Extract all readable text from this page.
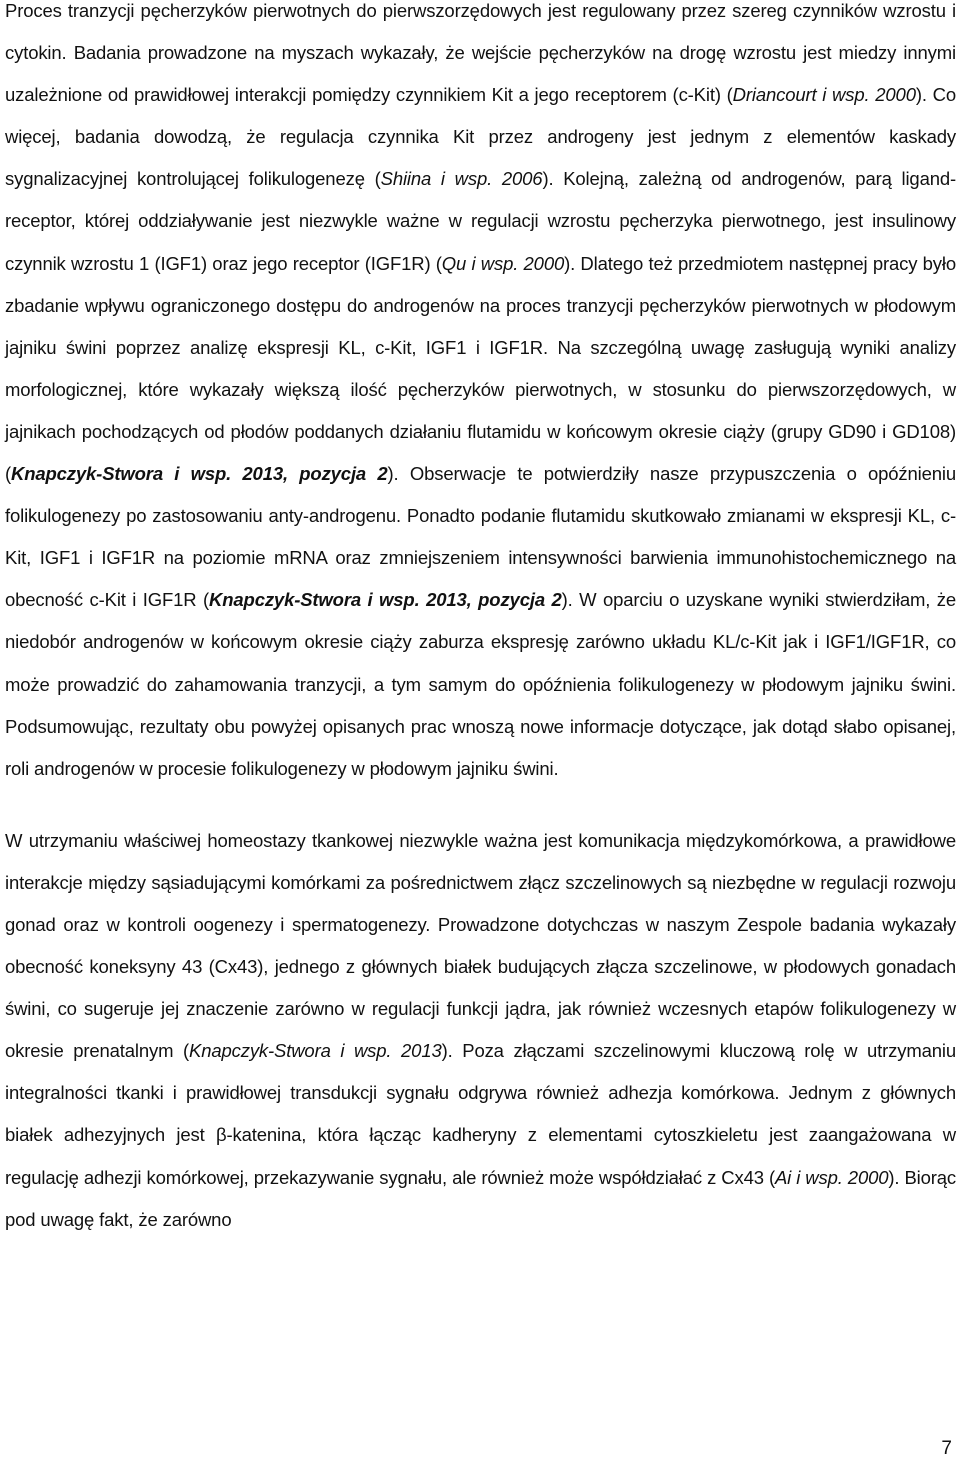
Proces tranzycji pęcherzyków pierwotnych do pierwszorzędowych jest regulowany przez szereg czynników wzrostu i cytokin. Badania prowadzone na myszach wykazały, że wejście pęcherzyków na drogę wzrostu jest miedzy innymi uzależnione od prawidłowej interakcji pomiędzy czynnikiem Kit a jego receptorem (c-Kit) (Driancourt i wsp. 2000). Co więcej, badania dowodzą, że regulacja czynnika Kit przez androgeny jest jednym z elementów kaskady sygnalizacyjnej kontrolującej folikulogenezę (Shiina i wsp. 2006). Kolejną, zależną od androgenów, parą ligand-receptor, której oddziaływanie jest niezwykle ważne w regulacji wzrostu pęcherzyka pierwotnego, jest insulinowy czynnik wzrostu 1 (IGF1) oraz jego receptor (IGF1R) (Qu i wsp. 2000). Dlatego też przedmiotem następnej pracy było zbadanie wpływu ograniczonego dostępu do androgenów na proces tranzycji pęcherzyków pierwotnych w płodowym jajniku świni poprzez analizę ekspresji KL, c-Kit, IGF1 i IGF1R. Na szczególną uwagę zasługują wyniki analizy morfologicznej, które wykazały większą ilość pęcherzyków pierwotnych, w stosunku do pierwszorzędowych, w jajnikach pochodzących od płodów poddanych działaniu flutamidu w końcowym okresie ciąży (grupy GD90 i GD108) (Knapczyk-Stwora i wsp. 2013, pozycja 2). Obserwacje te potwierdziły nasze przypuszczenia o opóźnieniu folikulogenezy po zastosowaniu anty-androgenu. Ponadto podanie flutamidu skutkowało zmianami w ekspresji KL, c-Kit, IGF1 i IGF1R na poziomie mRNA oraz zmniejszeniem intensywności barwienia immunohistochemicznego na obecność c-Kit i IGF1R (Knapczyk-Stwora i wsp. 2013, pozycja 2). W oparciu o uzyskane wyniki stwierdziłam, że niedobór androgenów w końcowym okresie ciąży zaburza ekspresję zarówno układu KL/c-Kit jak i IGF1/IGF1R, co może prowadzić do zahamowania tranzycji, a tym samym do opóźnienia folikulogenezy w płodowym jajniku świni. Podsumowując, rezultaty obu powyżej opisanych prac wnoszą nowe informacje dotyczące, jak dotąd słabo opisanej, roli androgenów w procesie folikulogenezy w płodowym jajniku świni.

W utrzymaniu właściwej homeostazy tkankowej niezwykle ważna jest komunikacja międzykomórkowa, a prawidłowe interakcje między sąsiadującymi komórkami za pośrednictwem złącz szczelinowych są niezbędne w regulacji rozwoju gonad oraz w kontroli oogenezy i spermatogenezy. Prowadzone dotychczas w naszym Zespole badania wykazały obecność koneksyny 43 (Cx43), jednego z głównych białek budujących złącza szczelinowe, w płodowych gonadach świni, co sugeruje jej znaczenie zarówno w regulacji funkcji jądra, jak również wczesnych etapów folikulogenezy w okresie prenatalnym (Knapczyk-Stwora i wsp. 2013). Poza złączami szczelinowymi kluczową rolę w utrzymaniu integralności tkanki i prawidłowej transdukcji sygnału odgrywa również adhezja komórkowa. Jednym z głównych białek adhezyjnych jest β-katenina, która łącząc kadheryny z elementami cytoszkieletu jest zaangażowana w regulację adhezji komórkowej, przekazywanie sygnału, ale również może współdziałać z Cx43 (Ai i wsp. 2000). Biorąc pod uwagę fakt, że zarówno

7
